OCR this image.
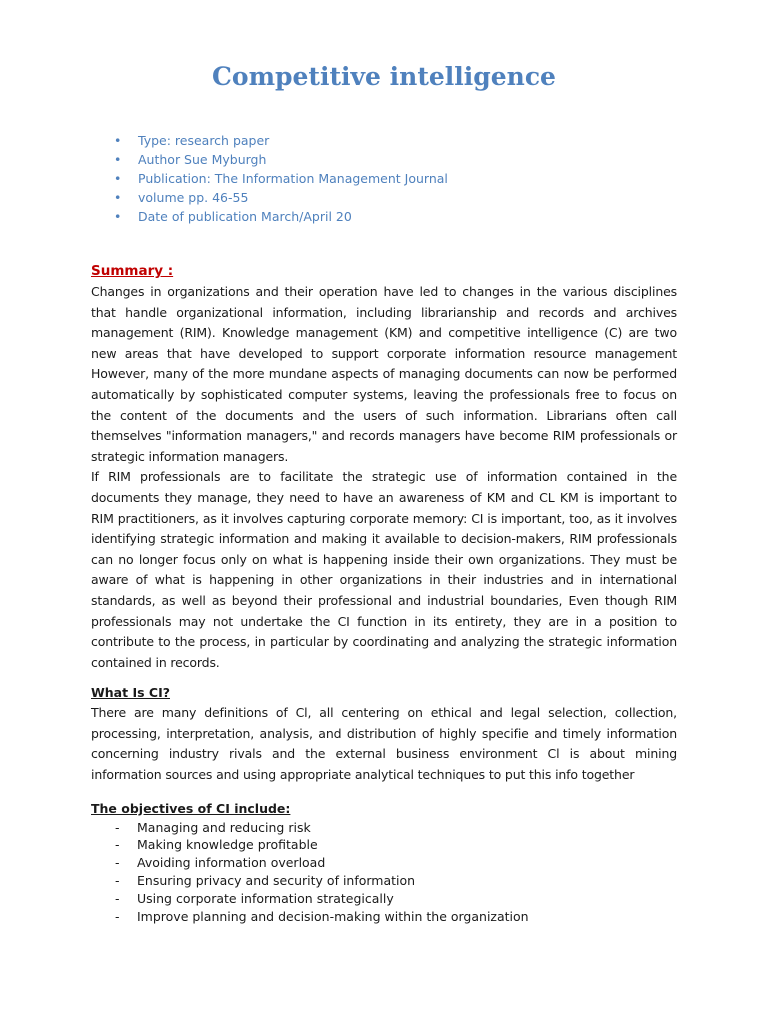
Competitive intelligence
• Type: research paper
• Author Sue Myburgh
• Publication: The Information Management Journal
• volume pp. 46-55
• Date of publication March/April 20

Summary :

Changes in organizations and their operation have led to changes in the various disciplines that handle organizational information, including librarianship and records and archives management (RIM). Knowledge management (KM) and competitive intelligence (C) are two new areas that have developed to support corporate information resource management However, many of the more mundane aspects of managing documents can now be performed automatically by sophisticated computer systems, leaving the professionals free to focus on the content of the documents and the users of such information. Librarians often call themselves "information managers," and records managers have become RIM professionals or strategic information managers.

If RIM professionals are to facilitate the strategic use of information contained in the documents they manage, they need to have an awareness of KM and CL KM is important to RIM practitioners, as it involves capturing corporate memory: CI is important, too, as it involves identifying strategic information and making it available to decision-makers, RIM professionals can no longer focus only on what is happening inside their own organizations. They must be aware of what is happening in other organizations in their industries and in international standards, as well as beyond their professional and industrial boundaries, Even though RIM professionals may not undertake the CI function in its entirety, they are in a position to contribute to the process, in particular by coordinating and analyzing the strategic information contained in records.

What Is CI?

There are many definitions of Cl, all centering on ethical and legal selection, collection, processing, interpretation, analysis, and distribution of highly specifie and timely information concerning industry rivals and the external business environment Cl is about mining information sources and using appropriate analytical techniques to put this info together

The objectives of CI include:

- Managing and reducing risk
- Making knowledge profitable
- Avoiding information overload
- Ensuring privacy and security of information
- Using corporate information strategically
- Improve planning and decision-making within the organization
